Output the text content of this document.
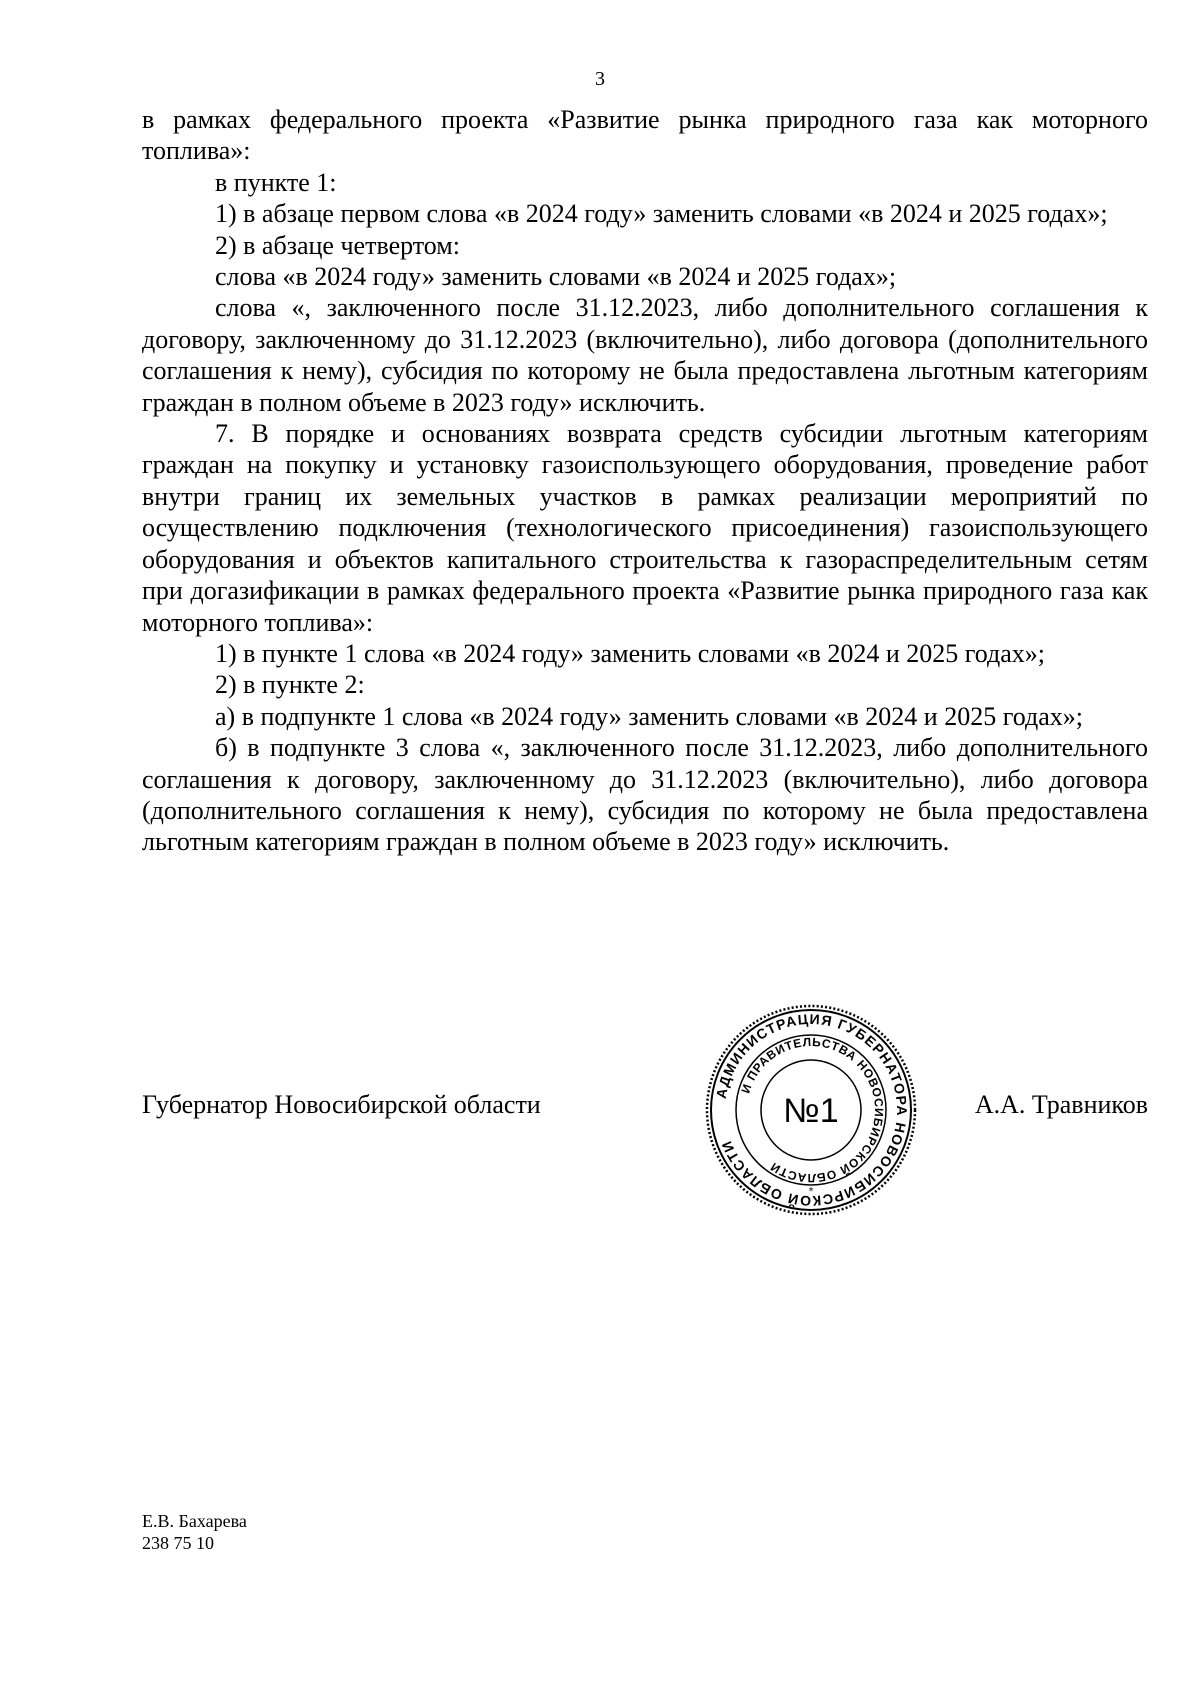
3

в рамках федерального проекта «Развитие рынка природного газа как моторного топлива»:

в пункте 1:

1) в абзаце первом слова «в 2024 году» заменить словами «в 2024 и 2025 годах»;

2) в абзаце четвертом:

слова «в 2024 году» заменить словами «в 2024 и 2025 годах»;

слова «, заключенного после 31.12.2023, либо дополнительного соглашения к договору, заключенному до 31.12.2023 (включительно), либо договора (дополнительного соглашения к нему), субсидия по которому не была предоставлена льготным категориям граждан в полном объеме в 2023 году» исключить.

7. В порядке и основаниях возврата средств субсидии льготным категориям граждан на покупку и установку газоиспользующего оборудования, проведение работ внутри границ их земельных участков в рамках реализации мероприятий по осуществлению подключения (технологического присоединения) газоиспользующего оборудования и объектов капитального строительства к газораспределительным сетям при догазификации в рамках федерального проекта «Развитие рынка природного газа как моторного топлива»:

1) в пункте 1 слова «в 2024 году» заменить словами «в 2024 и 2025 годах»;

2) в пункте 2:

а) в подпункте 1 слова «в 2024 году» заменить словами «в 2024 и 2025 годах»;

б) в подпункте 3 слова «, заключенного после 31.12.2023, либо дополнительного соглашения к договору, заключенному до 31.12.2023 (включительно), либо договора (дополнительного соглашения к нему), субсидия по которому не была предоставлена льготным категориям граждан в полном объеме в 2023 году» исключить.

Губернатор Новосибирской области	А.А. Травников
АДМИНИСТРАЦИЯ ГУБЕРНАТОРА НОВОСИБИРСКОЙ ОБЛАСТИ
И ПРАВИТЕЛЬСТВА НОВОСИБИРСКОЙ ОБЛАСТИ
№1
*
Е.В. Бахарева
238 75 10
